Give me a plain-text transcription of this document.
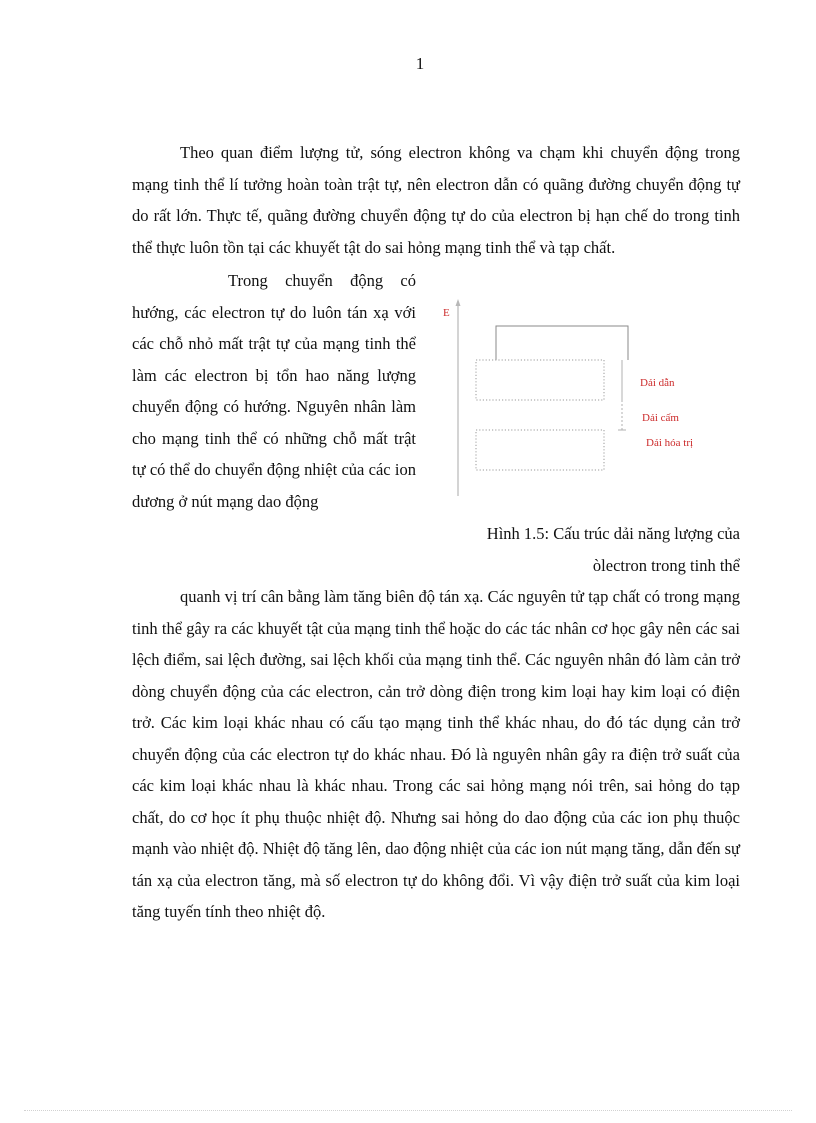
1

Theo quan điểm lượng tử, sóng electron không va chạm khi chuyển động trong mạng tinh thể lí tưởng hoàn toàn trật tự, nên electron dẫn có quãng đường chuyển động tự do rất lớn. Thực tế, quãng đường chuyển động tự do của electron bị hạn chế do trong tinh thể thực luôn tồn tại các khuyết tật do sai hỏng mạng tinh thể và tạp chất.

Trong chuyển động có hướng, các electron tự do luôn tán xạ với các chỗ nhỏ mất trật tự của mạng tinh thể làm các electron bị tổn hao năng lượng chuyển động có hướng. Nguyên nhân làm cho mạng tinh thể có những chỗ mất trật tự có thể do chuyển động nhiệt của các ion dương ở nút mạng dao động

E
Dải dẫn
Dải cấm
Dải hóa trị
Hình 1.5: Cấu trúc dải năng lượng của
òlectron trong tinh thể

quanh vị trí cân bằng làm tăng biên độ tán xạ. Các nguyên tử tạp chất có trong mạng tinh thể gây ra các khuyết tật của mạng tinh thể hoặc do các tác nhân cơ học gây nên các sai lệch điểm, sai lệch đường, sai lệch khối của mạng tinh thể. Các nguyên nhân đó làm cản trở dòng chuyển động của các electron, cản trở dòng điện trong kim loại hay kim loại có điện trở. Các kim loại khác nhau có cấu tạo mạng tinh thể khác nhau, do đó tác dụng cản trở chuyển động của các electron tự do khác nhau. Đó là nguyên nhân gây ra điện trở suất của các kim loại khác nhau là khác nhau. Trong các sai hỏng mạng nói trên, sai hỏng do tạp chất, do cơ học ít phụ thuộc nhiệt độ. Nhưng sai hỏng do dao động của các ion phụ thuộc mạnh vào nhiệt độ. Nhiệt độ tăng lên, dao động nhiệt của các ion nút mạng tăng, dẫn đến sự tán xạ của electron tăng, mà số electron tự do không đổi. Vì vậy điện trở suất của kim loại tăng tuyến tính theo nhiệt độ.
